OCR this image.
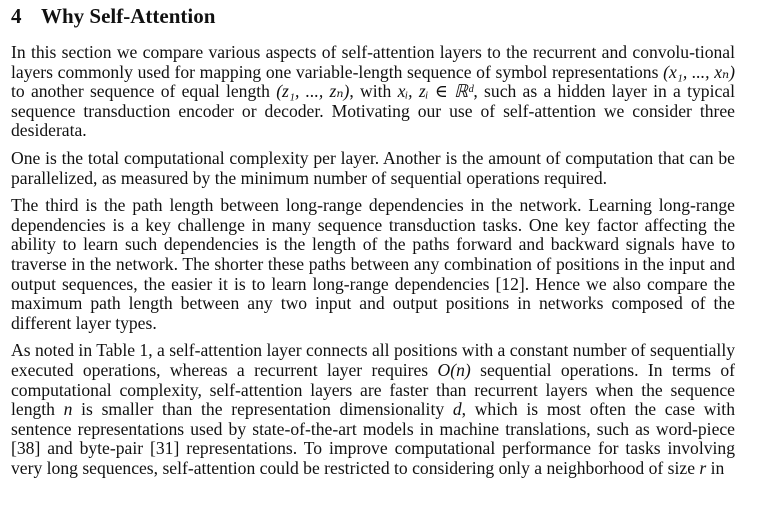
4 Why Self-Attention

In this section we compare various aspects of self-attention layers to the recurrent and convolu-tional layers commonly used for mapping one variable-length sequence of symbol representations (x₁, ..., xₙ) to another sequence of equal length (z₁, ..., zₙ), with xᵢ, zᵢ ∈ ℝᵈ, such as a hidden layer in a typical sequence transduction encoder or decoder. Motivating our use of self-attention we consider three desiderata.

One is the total computational complexity per layer. Another is the amount of computation that can be parallelized, as measured by the minimum number of sequential operations required.

The third is the path length between long-range dependencies in the network. Learning long-range dependencies is a key challenge in many sequence transduction tasks. One key factor affecting the ability to learn such dependencies is the length of the paths forward and backward signals have to traverse in the network. The shorter these paths between any combination of positions in the input and output sequences, the easier it is to learn long-range dependencies [12]. Hence we also compare the maximum path length between any two input and output positions in networks composed of the different layer types.

As noted in Table 1, a self-attention layer connects all positions with a constant number of sequentially executed operations, whereas a recurrent layer requires O(n) sequential operations. In terms of computational complexity, self-attention layers are faster than recurrent layers when the sequence length n is smaller than the representation dimensionality d, which is most often the case with sentence representations used by state-of-the-art models in machine translations, such as word-piece [38] and byte-pair [31] representations. To improve computational performance for tasks involving very long sequences, self-attention could be restricted to considering only a neighborhood of size r in
